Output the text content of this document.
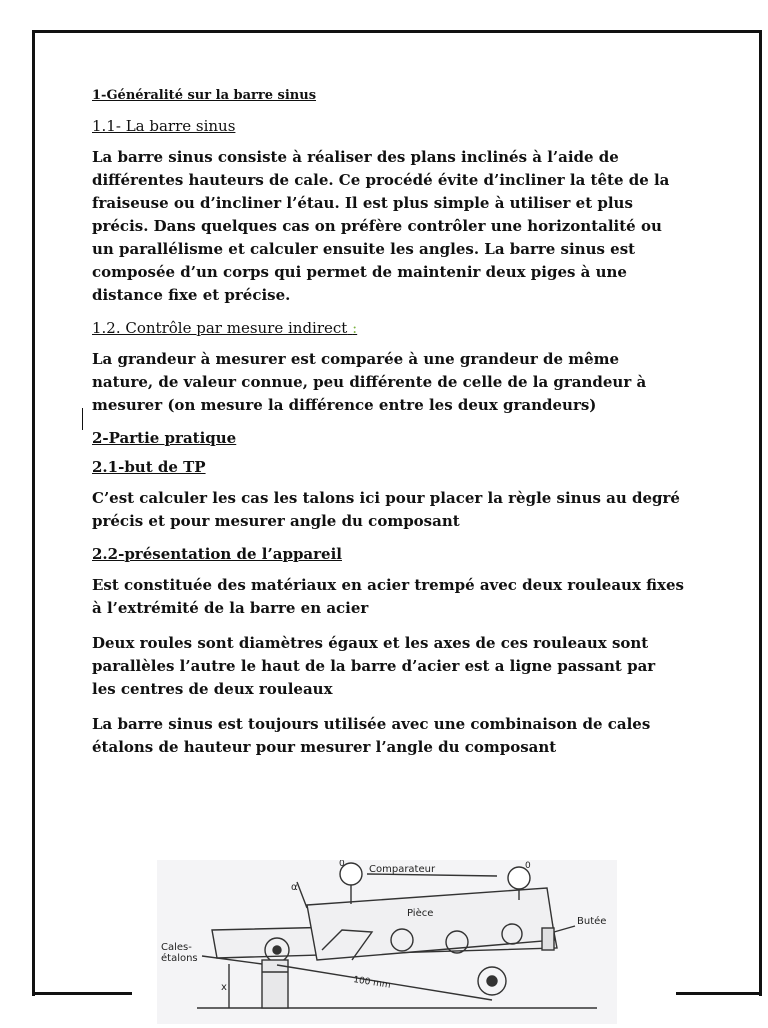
1-Généralité sur la barre sinus
1.1- La barre sinus

La barre sinus consiste à réaliser des plans inclinés à l’aide de différentes hauteurs de cale. Ce procédé évite d’incliner la tête de la fraiseuse ou d’incliner l’étau. Il est plus simple à utiliser et plus précis. Dans quelques cas on préfère contrôler une horizontalité ou un parallélisme et calculer ensuite les angles. La barre sinus est composée d’un corps qui permet de maintenir deux piges à une distance fixe et précise.

1.2. Contrôle par mesure indirect :

La grandeur à mesurer est comparée à une grandeur de même nature, de valeur connue, peu différente de celle de la grandeur à mesurer (on mesure la différence entre les deux grandeurs)

2-Partie pratique
2.1-but de TP

C’est calculer les cas les talons ici pour placer la règle sinus au degré précis et pour mesurer angle du composant

2.2-présentation de l’appareil

Est constituée des matériaux en acier trempé avec deux rouleaux fixes à l’extrémité de la barre en acier

Deux roules sont diamètres égaux et les axes de ces rouleaux sont parallèles l’autre le haut de la barre d’acier est a ligne passant par les centres de deux rouleaux

La barre sinus est toujours utilisée avec une combinaison de cales étalons de hauteur pour mesurer l’angle du composant

Comparateur
0	0
Pièce
Butée
Cales-
étalons
x
α
100 mm
